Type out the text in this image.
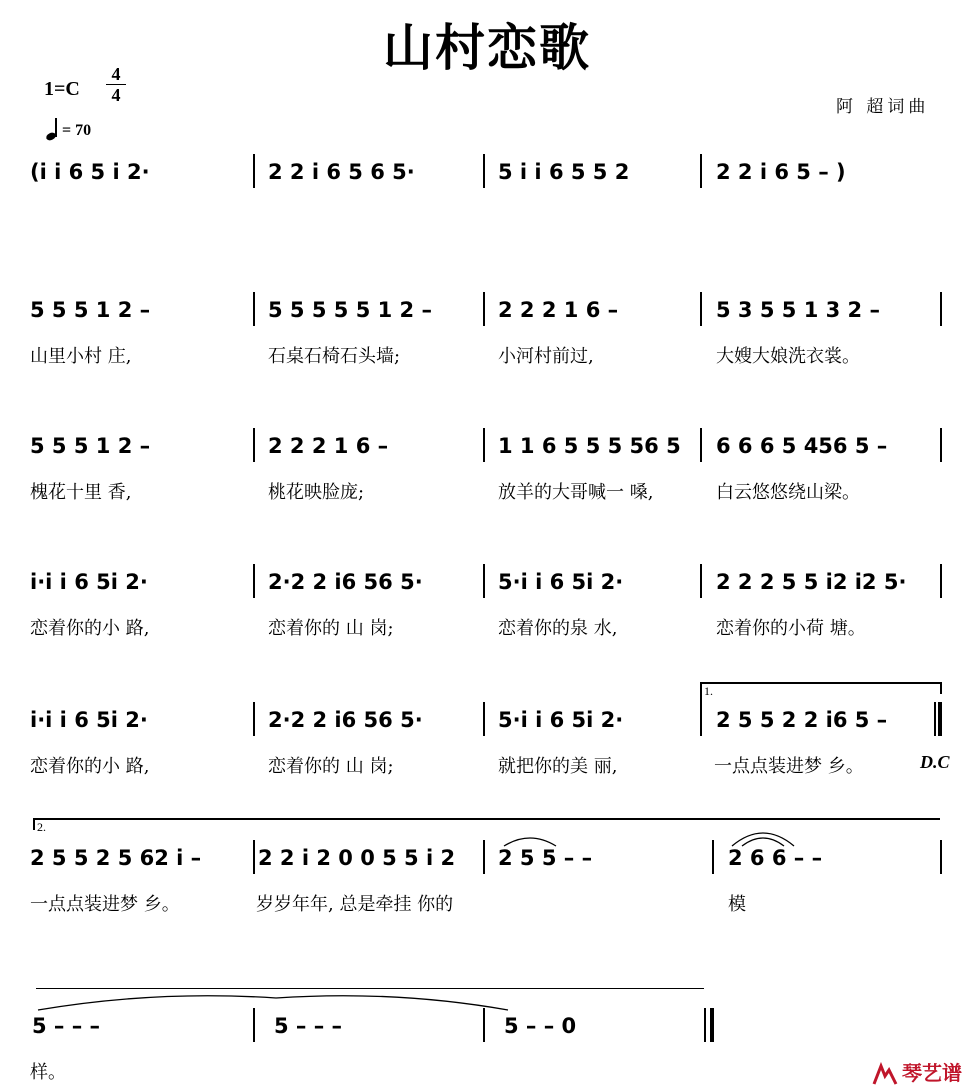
山村恋歌
1=C
4
4
= 70
阿 超词曲
(i i 6 5 i 2·	2 2 i 6 5 6 5·	5 i i 6 5 5 2	2 2 i 6 5 – )
5 5 5 1 2 –	5 5 5 5 5 1 2 –	2 2 2 1 6 –	5 3 5 5 1 3 2 –
山里小村 庄,	石桌石椅石头墙;	小河村前过,	大嫂大娘洗衣裳。
5 5 5 1 2 –	2 2 2 1 6 –	1 1 6 5 5 5 56 5 6 6 6 5 456 5 –
槐花十里 香,	桃花映脸庞;	放羊的大哥喊一 嗓,	白云悠悠绕山梁。
i·i i 6 5i 2·	2·2 2 i6 56 5·	5·i i 6 5i 2·	2 2 2 5 5 i2 i2 5·
恋着你的小 路,	恋着你的 山 岗;	恋着你的泉 水,	恋着你的小荷 塘。
1.
i·i i 6 5i 2·	2·2 2 i6 56 5·	5·i i 6 5i 2·	2 5 5 2 2 i6 5 –
恋着你的小 路,	恋着你的 山 岗;	就把你的美 丽,	一点点装进梦 乡。	D.C
2.
2 5 5 2 5 62 i –	2 2 i 2 0 0 5 5 i 2 2 5 5 – –	2 6 6 – –
一点点装进梦 乡。	岁岁年年, 总是牵挂 你的	模
5 – – –	5 – – –	5 – – 0
样。	琴艺谱
